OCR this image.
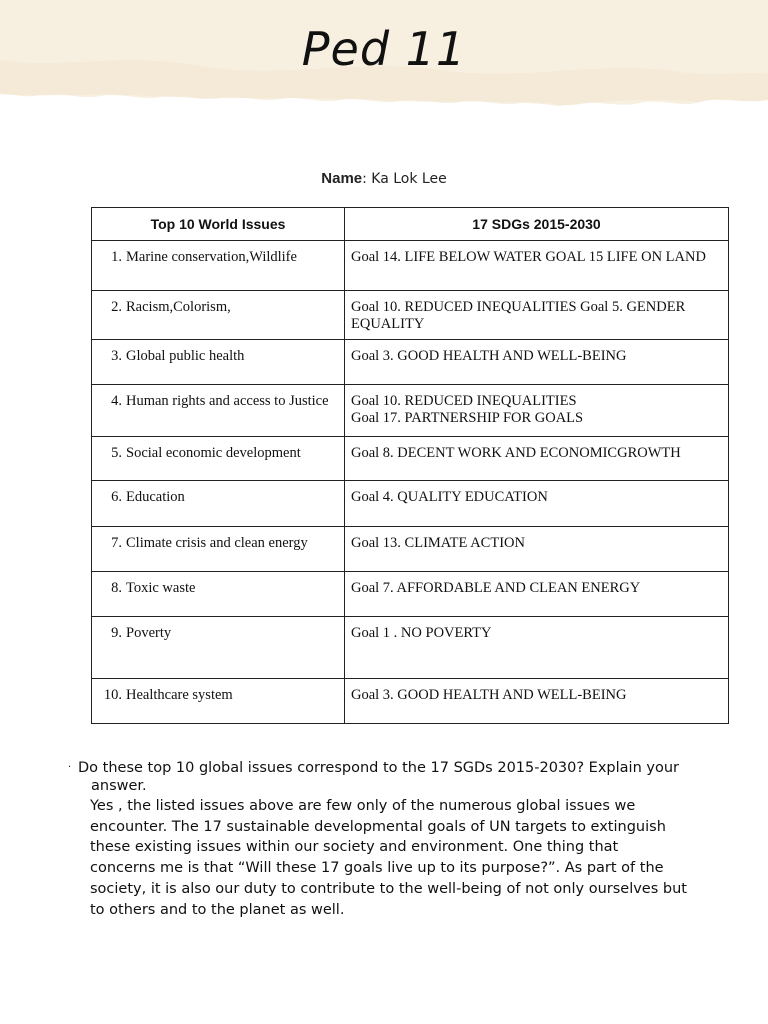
Ped 11
Name: Ka Lok Lee
Top 10 World Issues	17 SDGs 2015-2030
1. Marine conservation,Wildlife	Goal 14. LIFE BELOW WATER GOAL 15 LIFE ON LAND

2. Racism,Colorism,	Goal 10. REDUCED INEQUALITIES Goal 5. GENDER EQUALITY

3. Global public health	Goal 3. GOOD HEALTH AND WELL-BEING

4. Human rights and access to Justice	Goal 10. REDUCED INEQUALITIES
Goal 17. PARTNERSHIP FOR GOALS

5. Social economic development	Goal 8. DECENT WORK AND ECONOMICGROWTH

6. Education	Goal 4. QUALITY EDUCATION

7. Climate crisis and clean energy	Goal 13. CLIMATE ACTION

8.Toxic waste	Goal 7. AFFORDABLE AND CLEAN ENERGY

9. Poverty	Goal 1 . NO POVERTY

10. Healthcare system	Goal 3. GOOD HEALTH AND WELL-BEING
· Do these top 10 global issues correspond to the 17 SGDs 2015-2030? Explain your
answer.
Yes , the listed issues above are few only of the numerous global issues we
encounter. The 17 sustainable developmental goals of UN targets to extinguish
these existing issues within our society and environment. One thing that
concerns me is that “Will these 17 goals live up to its purpose?”. As part of the
society, it is also our duty to contribute to the well-being of not only ourselves but
to others and to the planet as well.
